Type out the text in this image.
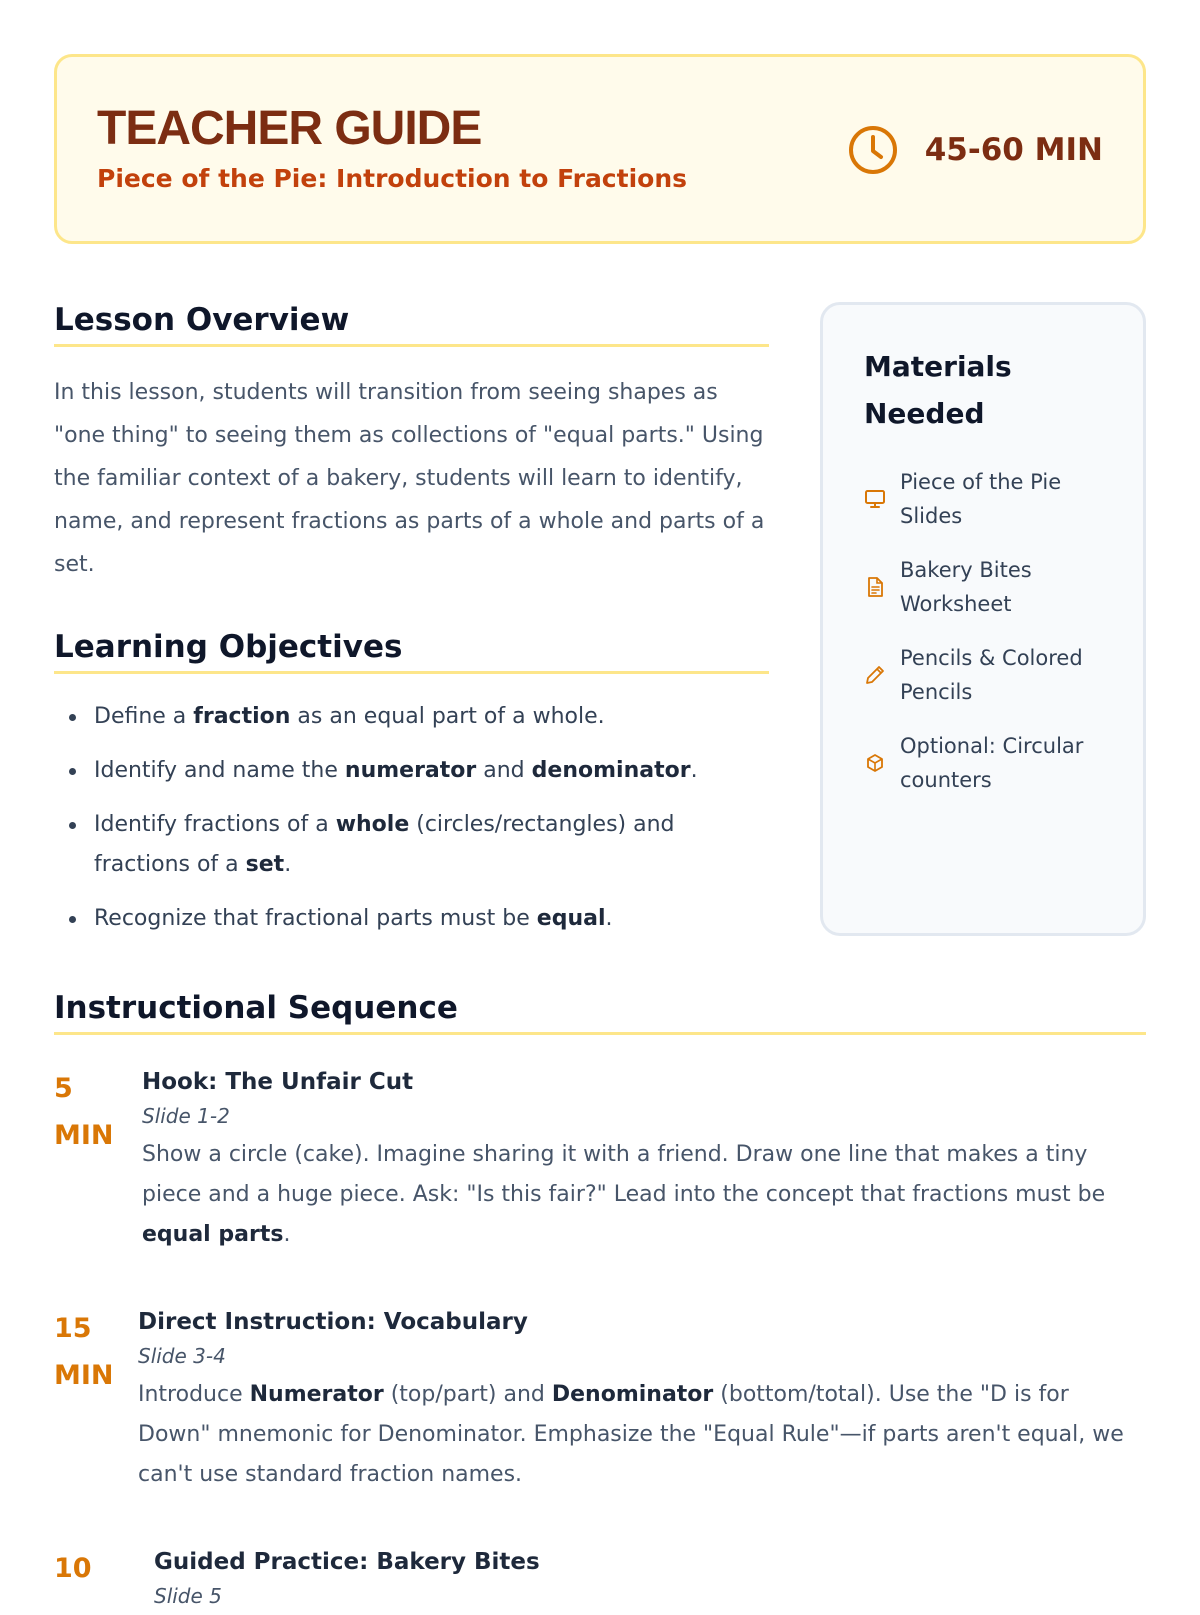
TEACHER GUIDE

Piece of the Pie: Introduction to Fractions

45-60 MIN
Lesson Overview

In this lesson, students will transition from seeing shapes as "one thing" to seeing them as collections of "equal parts." Using the familiar context of a bakery, students will learn to identify, name, and represent fractions as parts of a whole and parts of a set.

Learning Objectives
Define a fraction as an equal part of a whole.
Identify and name the numerator and denominator.
Identify fractions of a whole (circles/rectangles) and fractions of a set.
Recognize that fractional parts must be equal.
Materials Needed
Piece of the Pie Slides
Bakery Bites Worksheet
Pencils & Colored Pencils
Optional: Circular counters
Instructional Sequence
5
MIN
Hook: The Unfair Cut

Slide 1-2

Show a circle (cake). Imagine sharing it with a friend. Draw one line that makes a tiny piece and a huge piece. Ask: "Is this fair?" Lead into the concept that fractions must be equal parts.

15
MIN
Direct Instruction: Vocabulary

Slide 3-4

Introduce Numerator (top/part) and Denominator (bottom/total). Use the "D is for Down" mnemonic for Denominator. Emphasize the "Equal Rule"—if parts aren't equal, we can't use standard fraction names.

10	Guided Practice: Bakery Bites

Slide 5
